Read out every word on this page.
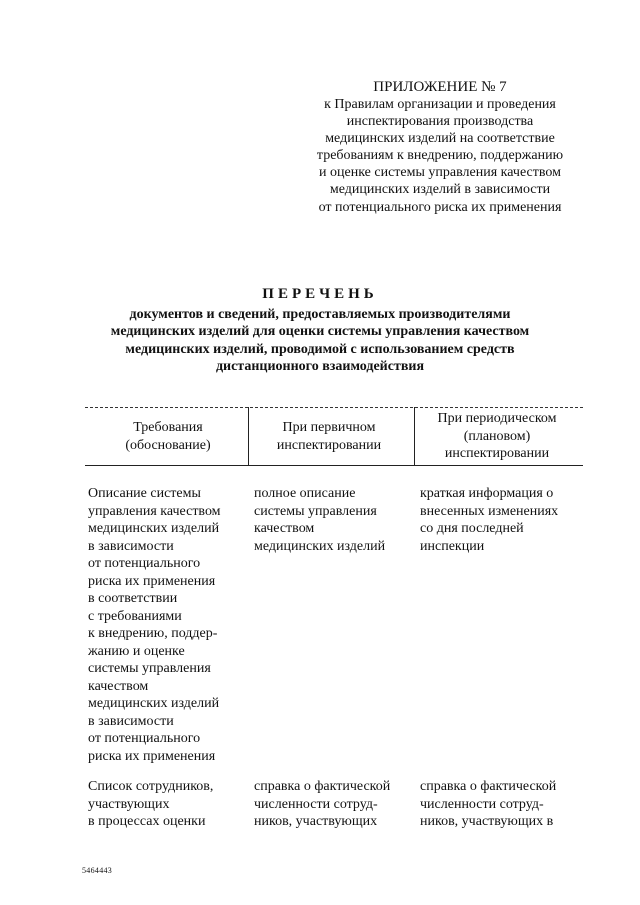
ПРИЛОЖЕНИЕ № 7
к Правилам организации и проведения
инспектирования производства
медицинских изделий на соответствие
требованиям к внедрению, поддержанию
и оценке системы управления качеством
медицинских изделий в зависимости
от потенциального риска их применения
ПЕРЕЧЕНЬ
документов и сведений, предоставляемых производителями
медицинских изделий для оценки системы управления качеством
медицинских изделий, проводимой с использованием средств
дистанционного взаимодействия
Требования
(обоснование)
При первичном
инспектировании
При периодическом
(плановом)
инспектировании
Описание системы
управления качеством
медицинских изделий
в зависимости
от потенциального
риска их применения
в соответствии
с требованиями
к внедрению, поддер-
жанию и оценке
системы управления
качеством
медицинских изделий
в зависимости
от потенциального
риска их применения
полное описание
системы управления
качеством
медицинских изделий
краткая информация о
внесенных изменениях
со дня последней
инспекции
Список сотрудников,
участвующих
в процессах оценки
справка о фактической
численности сотруд-
ников, участвующих
справка о фактической
численности сотруд-
ников, участвующих в
5464443
